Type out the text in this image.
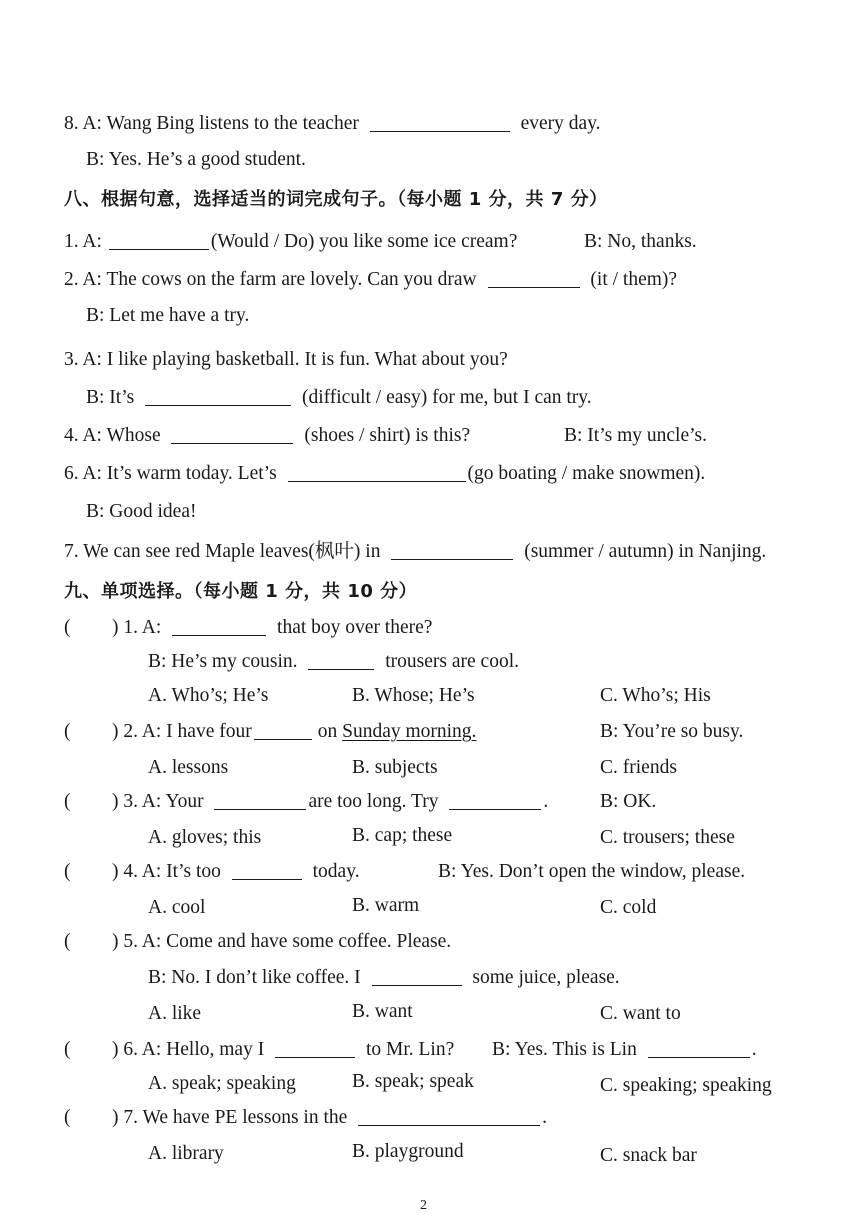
8. A: Wang Bing listens to the teacher	every day.
B: Yes. He’s a good student.
八、根据句意，选择适当的词完成句子。（每小题 1 分，共 7 分）
1. A:	(Would / Do) you like some ice cream?	B: No, thanks.
2. A: The cows on the farm are lovely. Can you draw	(it / them)?
B: Let me have a try.
3. A: I like playing basketball. It is fun. What about you?
B: It’s	(difficult / easy) for me, but I can try.
4. A: Whose	(shoes / shirt) is this?	B: It’s my uncle’s.
6. A: It’s warm today. Let’s	(go boating / make snowmen).
B: Good idea!
7. We can see red Maple leaves(枫叶) in	(summer / autumn) in Nanjing.
九、单项选择。（每小题 1 分，共 10 分）
( ) 1. A:	that boy over there?
B: He’s my cousin.	trousers are cool.
A. Who’s; He’s	B. Whose; He’s	C. Who’s; His
( ) 2. A: I have four	on Sunday morning.	B: You’re so busy.
A. lessons	B. subjects	C. friends
( ) 3. A: Your	are too long. Try	.	B: OK.
A. gloves; this	B. cap; these	C. trousers; these
( ) 4. A: It’s too	today.	B: Yes. Don’t open the window, please.
A. cool	B. warm	C. cold
( ) 5. A: Come and have some coffee. Please.
B: No. I don’t like coffee. I	some juice, please.
A. like	B. want	C. want to
( ) 6. A: Hello, may I	to Mr. Lin? B: Yes. This is Lin	.
A. speak; speaking	B. speak; speak	C. speaking; speaking
( ) 7. We have PE lessons in the	.
A. library	B. playground	C. snack bar
2
